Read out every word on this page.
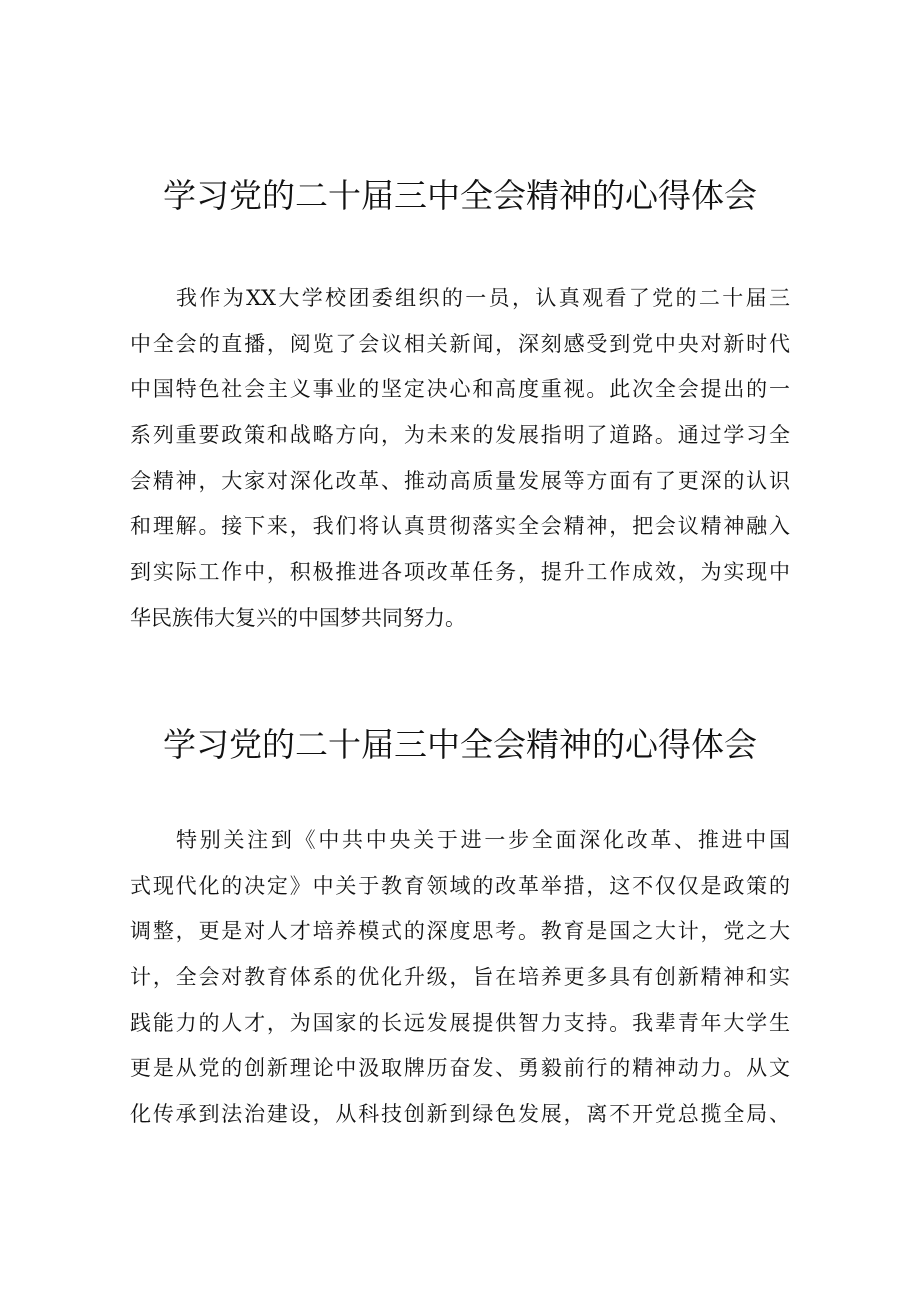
学习党的二十届三中全会精神的心得体会
我作为XX大学校团委组织的一员，认真观看了党的二十届三
中全会的直播，阅览了会议相关新闻，深刻感受到党中央对新时代
中国特色社会主义事业的坚定决心和高度重视。此次全会提出的一
系列重要政策和战略方向，为未来的发展指明了道路。通过学习全
会精神，大家对深化改革、推动高质量发展等方面有了更深的认识
和理解。接下来，我们将认真贯彻落实全会精神，把会议精神融入
到实际工作中，积极推进各项改革任务，提升工作成效，为实现中
华民族伟大复兴的中国梦共同努力。
学习党的二十届三中全会精神的心得体会
特别关注到《中共中央关于进一步全面深化改革、推进中国
式现代化的决定》中关于教育领域的改革举措，这不仅仅是政策的
调整，更是对人才培养模式的深度思考。教育是国之大计，党之大
计，全会对教育体系的优化升级，旨在培养更多具有创新精神和实
践能力的人才，为国家的长远发展提供智力支持。我辈青年大学生
更是从党的创新理论中汲取牌历奋发、勇毅前行的精神动力。从文
化传承到法治建设，从科技创新到绿色发展，离不开党总揽全局、
